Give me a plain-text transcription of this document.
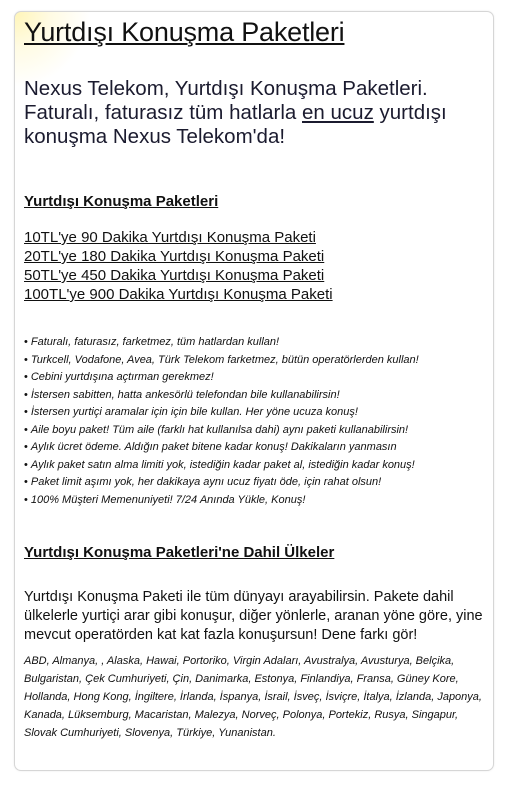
Yurtdışı Konuşma Paketleri
Nexus Telekom, Yurtdışı Konuşma Paketleri. Faturalı, faturasız tüm hatlarla en ucuz yurtdışı konuşma Nexus Telekom'da!
Yurtdışı Konuşma Paketleri
10TL'ye 90 Dakika Yurtdışı Konuşma Paketi
20TL'ye 180 Dakika Yurtdışı Konuşma Paketi
50TL'ye 450 Dakika Yurtdışı Konuşma Paketi
100TL'ye 900 Dakika Yurtdışı Konuşma Paketi
• Faturalı, faturasız, farketmez, tüm hatlardan kullan!
• Turkcell, Vodafone, Avea, Türk Telekom farketmez, bütün operatörlerden kullan!
• Cebini yurtdışına açtırman gerekmez!
• İstersen sabitten, hatta ankesörlü telefondan bile kullanabilirsin!
• İstersen yurtiçi aramalar için için bile kullan. Her yöne ucuza konuş!
• Aile boyu paket! Tüm aile (farklı hat kullanılsa dahi) aynı paketi kullanabilirsin!
• Aylık ücret ödeme. Aldığın paket bitene kadar konuş! Dakikaların yanmasın
• Aylık paket satın alma limiti yok, istediğin kadar paket al, istediğin kadar konuş!
• Paket limit aşımı yok, her dakikaya aynı ucuz fiyatı öde, için rahat olsun!
• 100% Müşteri Memenuniyeti! 7/24 Anında Yükle, Konuş!
Yurtdışı Konuşma Paketleri'ne Dahil Ülkeler
Yurtdışı Konuşma Paketi ile tüm dünyayı arayabilirsin. Pakete dahil ülkelerle yurtiçi arar gibi konuşur, diğer yönlerle, aranan yöne göre, yine mevcut operatörden kat kat fazla konuşursun! Dene farkı gör!
ABD, Almanya, , Alaska, Hawai, Portoriko, Virgin Adaları, Avustralya, Avusturya, Belçika, Bulgaristan, Çek Cumhuriyeti, Çin, Danimarka, Estonya, Finlandiya, Fransa, Güney Kore, Hollanda, Hong Kong, İngiltere, İrlanda, İspanya, İsrail, İsveç, İsviçre, İtalya, İzlanda, Japonya, Kanada, Lüksemburg, Macaristan, Malezya, Norveç, Polonya, Portekiz, Rusya, Singapur, Slovak Cumhuriyeti, Slovenya, Türkiye, Yunanistan.
